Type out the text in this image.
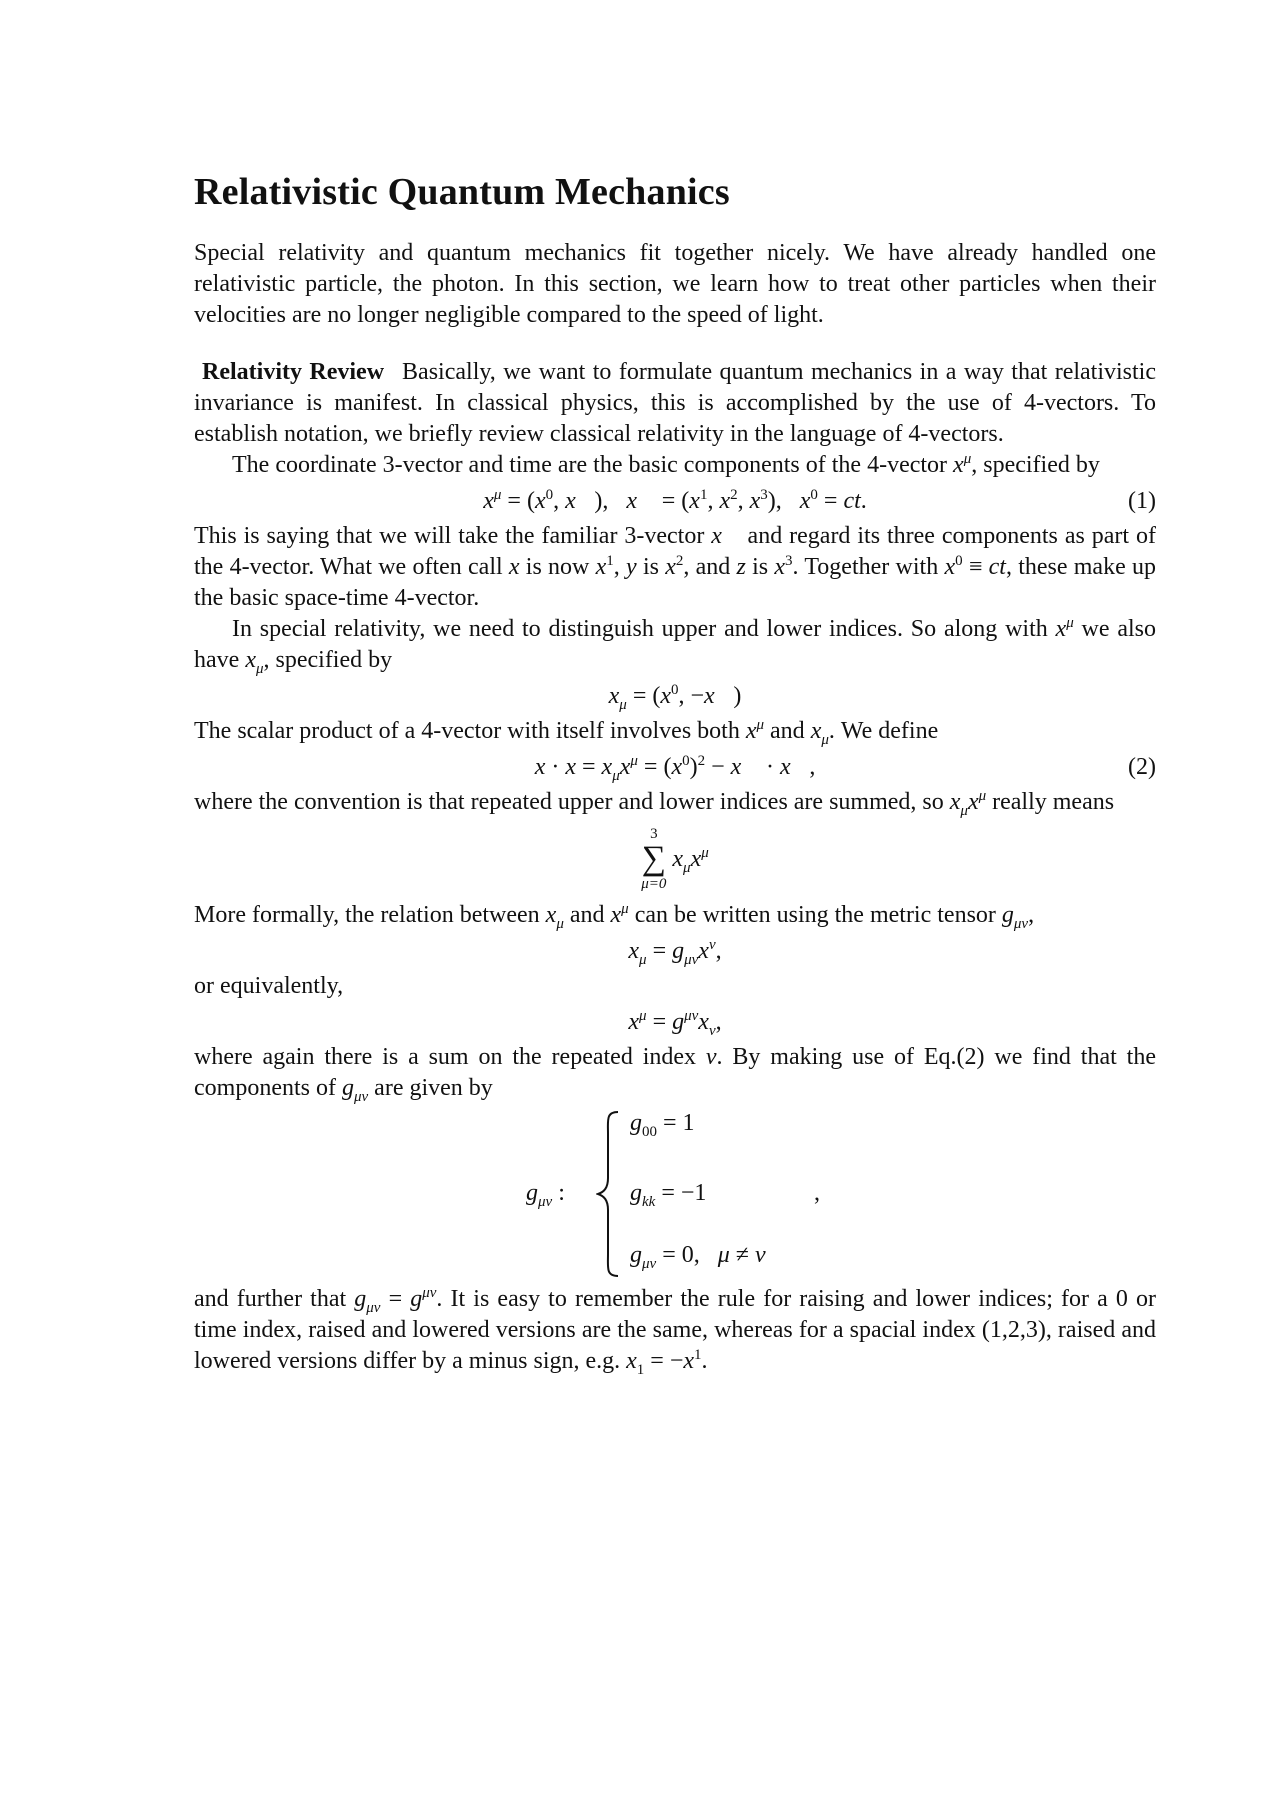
Relativistic Quantum Mechanics

Special relativity and quantum mechanics fit together nicely. We have already handled one relativistic particle, the photon. In this section, we learn how to treat other particles when their velocities are no longer negligible compared to the speed of light.

Relativity Review Basically, we want to formulate quantum mechanics in a way that relativistic invariance is manifest. In classical physics, this is accomplished by the use of 4-vectors. To establish notation, we briefly review classical relativity in the language of 4-vectors.

The coordinate 3-vector and time are the basic components of the 4-vector $x^\mu$, specified by

$x^\mu = (x^0$, x⃗),   x⃗ = ($x^1$, $x^2$, $x^3$),   $x^0$ = ct.	(1)

This is saying that we will take the familiar 3-vector x⃗ and regard its three components as part of the 4-vector. What we often call x is now $x^1$, y is $x^2$, and z is $x^3$. Together with $x^0$ ≡ ct, these make up the basic space-time 4-vector.

In special relativity, we need to distinguish upper and lower indices. So along with $x^\mu$ we also have $x_\mu$, specified by

$x_\mu = (x^0$, −x⃗)

The scalar product of a 4-vector with itself involves both $x^\mu$ and $x_\mu$. We define

$x \cdot x = x_\mu x^\mu = (x^0)^2$ − x⃗ · x⃗,	(2)

where the convention is that repeated upper and lower indices are summed, so $x_\mu x^\mu$ really means

3
∑
μ=0
$x_\mu x^\mu$

More formally, the relation between $x_\mu$ and $x^\mu$ can be written using the metric tensor $g_{\mu\nu}$,

$x_\mu = g_{\mu\nu}x^\nu$,

or equivalently,

$x^\mu = g^{\mu\nu}x_\nu$,

where again there is a sum on the repeated index ν. By making use of Eq.(2) we find that the components of $g_{\mu\nu}$ are given by

$g_{\mu\nu}$ :
$g_{00} = 1$
$g_{kk} = -1$
$g_{\mu\nu} = 0$,   μ ≠ ν
,

and further that $g_{\mu\nu} = g^{\mu\nu}$. It is easy to remember the rule for raising and lower indices; for a 0 or time index, raised and lowered versions are the same, whereas for a spacial index (1,2,3), raised and lowered versions differ by a minus sign, e.g. $x_1 = -x^1$.
